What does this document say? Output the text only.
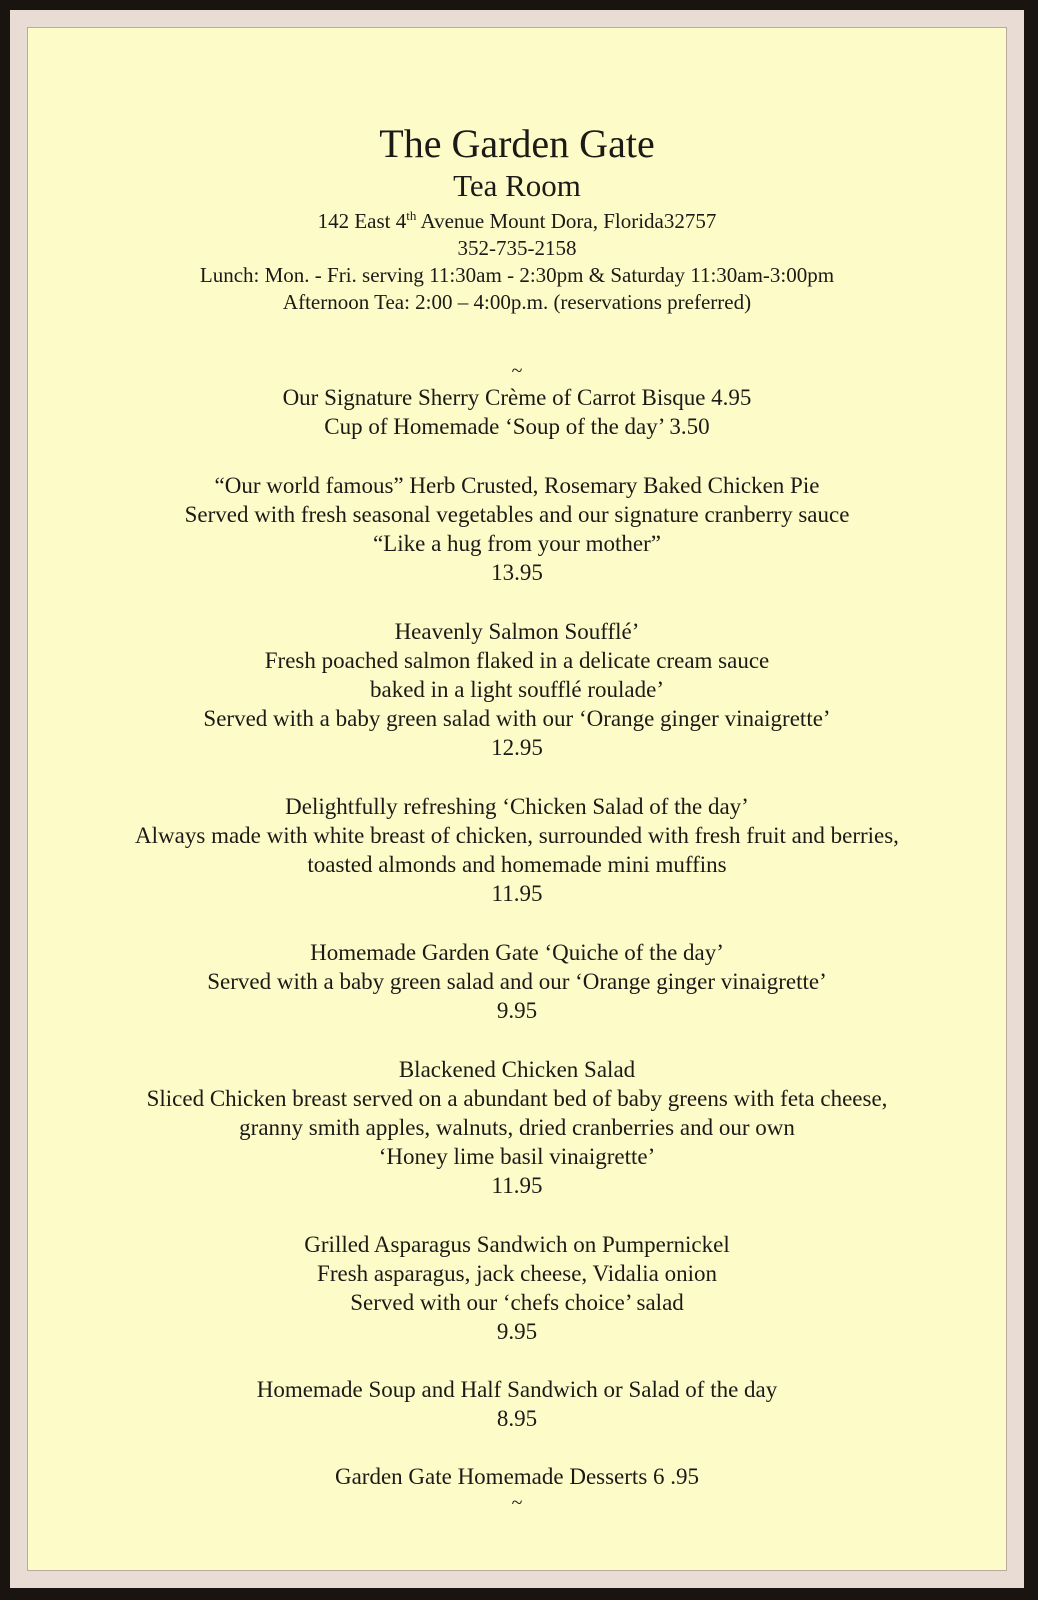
The Garden Gate
Tea Room
142 East 4th Avenue Mount Dora, Florida32757
352-735-2158
Lunch: Mon. - Fri. serving 11:30am - 2:30pm & Saturday 11:30am-3:00pm
Afternoon Tea: 2:00 – 4:00p.m. (reservations preferred)
~
Our Signature Sherry Crème of Carrot Bisque 4.95
Cup of Homemade ‘Soup of the day’ 3.50
“Our world famous” Herb Crusted, Rosemary Baked Chicken Pie
Served with fresh seasonal vegetables and our signature cranberry sauce
“Like a hug from your mother”
13.95
Heavenly Salmon Soufflé’
Fresh poached salmon flaked in a delicate cream sauce
baked in a light soufflé roulade’
Served with a baby green salad with our ‘Orange ginger vinaigrette’
12.95
Delightfully refreshing ‘Chicken Salad of the day’
Always made with white breast of chicken, surrounded with fresh fruit and berries,
toasted almonds and homemade mini muffins
11.95
Homemade Garden Gate ‘Quiche of the day’
Served with a baby green salad and our ‘Orange ginger vinaigrette’
9.95
Blackened Chicken Salad
Sliced Chicken breast served on a abundant bed of baby greens with feta cheese,
granny smith apples, walnuts, dried cranberries and our own
‘Honey lime basil vinaigrette’
11.95
Grilled Asparagus Sandwich on Pumpernickel
Fresh asparagus, jack cheese, Vidalia onion
Served with our ‘chefs choice’ salad
9.95
Homemade Soup and Half Sandwich or Salad of the day
8.95
Garden Gate Homemade Desserts 6 .95
~
